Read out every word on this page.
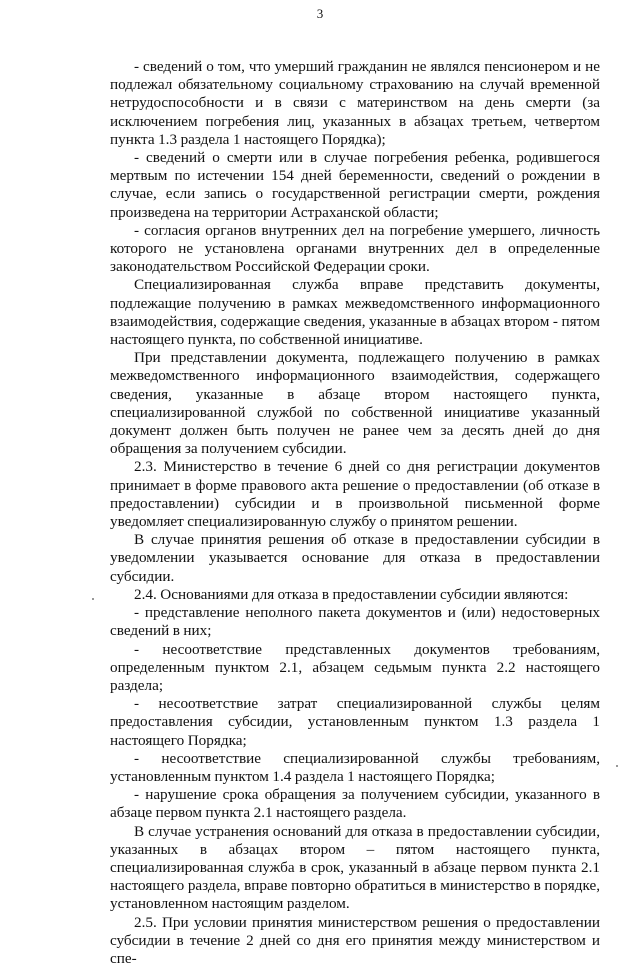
3

- сведений о том, что умерший гражданин не являлся пенсионером и не подлежал обязательному социальному страхованию на случай временной нетрудоспособности и в связи с материнством на день смерти (за исключением погребения лиц, указанных в абзацах третьем, четвертом пункта 1.3 раздела 1 настоящего Порядка);

- сведений о смерти или в случае погребения ребенка, родившегося мертвым по истечении 154 дней беременности, сведений о рождении в случае, если запись о государственной регистрации смерти, рождения произведена на территории Астраханской области;

- согласия органов внутренних дел на погребение умершего, личность которого не установлена органами внутренних дел в определенные законодательством Российской Федерации сроки.

Специализированная служба вправе представить документы, подлежащие получению в рамках межведомственного информационного взаимодействия, содержащие сведения, указанные в абзацах втором - пятом настоящего пункта, по собственной инициативе.

При представлении документа, подлежащего получению в рамках межведомственного информационного взаимодействия, содержащего сведения, указанные в абзаце втором настоящего пункта, специализированной службой по собственной инициативе указанный документ должен быть получен не ранее чем за десять дней до дня обращения за получением субсидии.

2.3. Министерство в течение 6 дней со дня регистрации документов принимает в форме правового акта решение о предоставлении (об отказе в предоставлении) субсидии и в произвольной письменной форме уведомляет специализированную службу о принятом решении.

В случае принятия решения об отказе в предоставлении субсидии в уведомлении указывается основание для отказа в предоставлении субсидии.

2.4. Основаниями для отказа в предоставлении субсидии являются:

- представление неполного пакета документов и (или) недостоверных сведений в них;

- несоответствие представленных документов требованиям, определенным пунктом 2.1, абзацем седьмым пункта 2.2 настоящего раздела;

- несоответствие затрат специализированной службы целям предоставления субсидии, установленным пунктом 1.3 раздела 1 настоящего Порядка;

- несоответствие специализированной службы требованиям, установленным пунктом 1.4 раздела 1 настоящего Порядка;

- нарушение срока обращения за получением субсидии, указанного в абзаце первом пункта 2.1 настоящего раздела.

В случае устранения оснований для отказа в предоставлении субсидии, указанных в абзацах втором – пятом настоящего пункта, специализированная служба в срок, указанный в абзаце первом пункта 2.1 настоящего раздела, вправе повторно обратиться в министерство в порядке, установленном настоящим разделом.

2.5. При условии принятия министерством решения о предоставлении субсидии в течение 2 дней со дня его принятия между министерством и спе-
